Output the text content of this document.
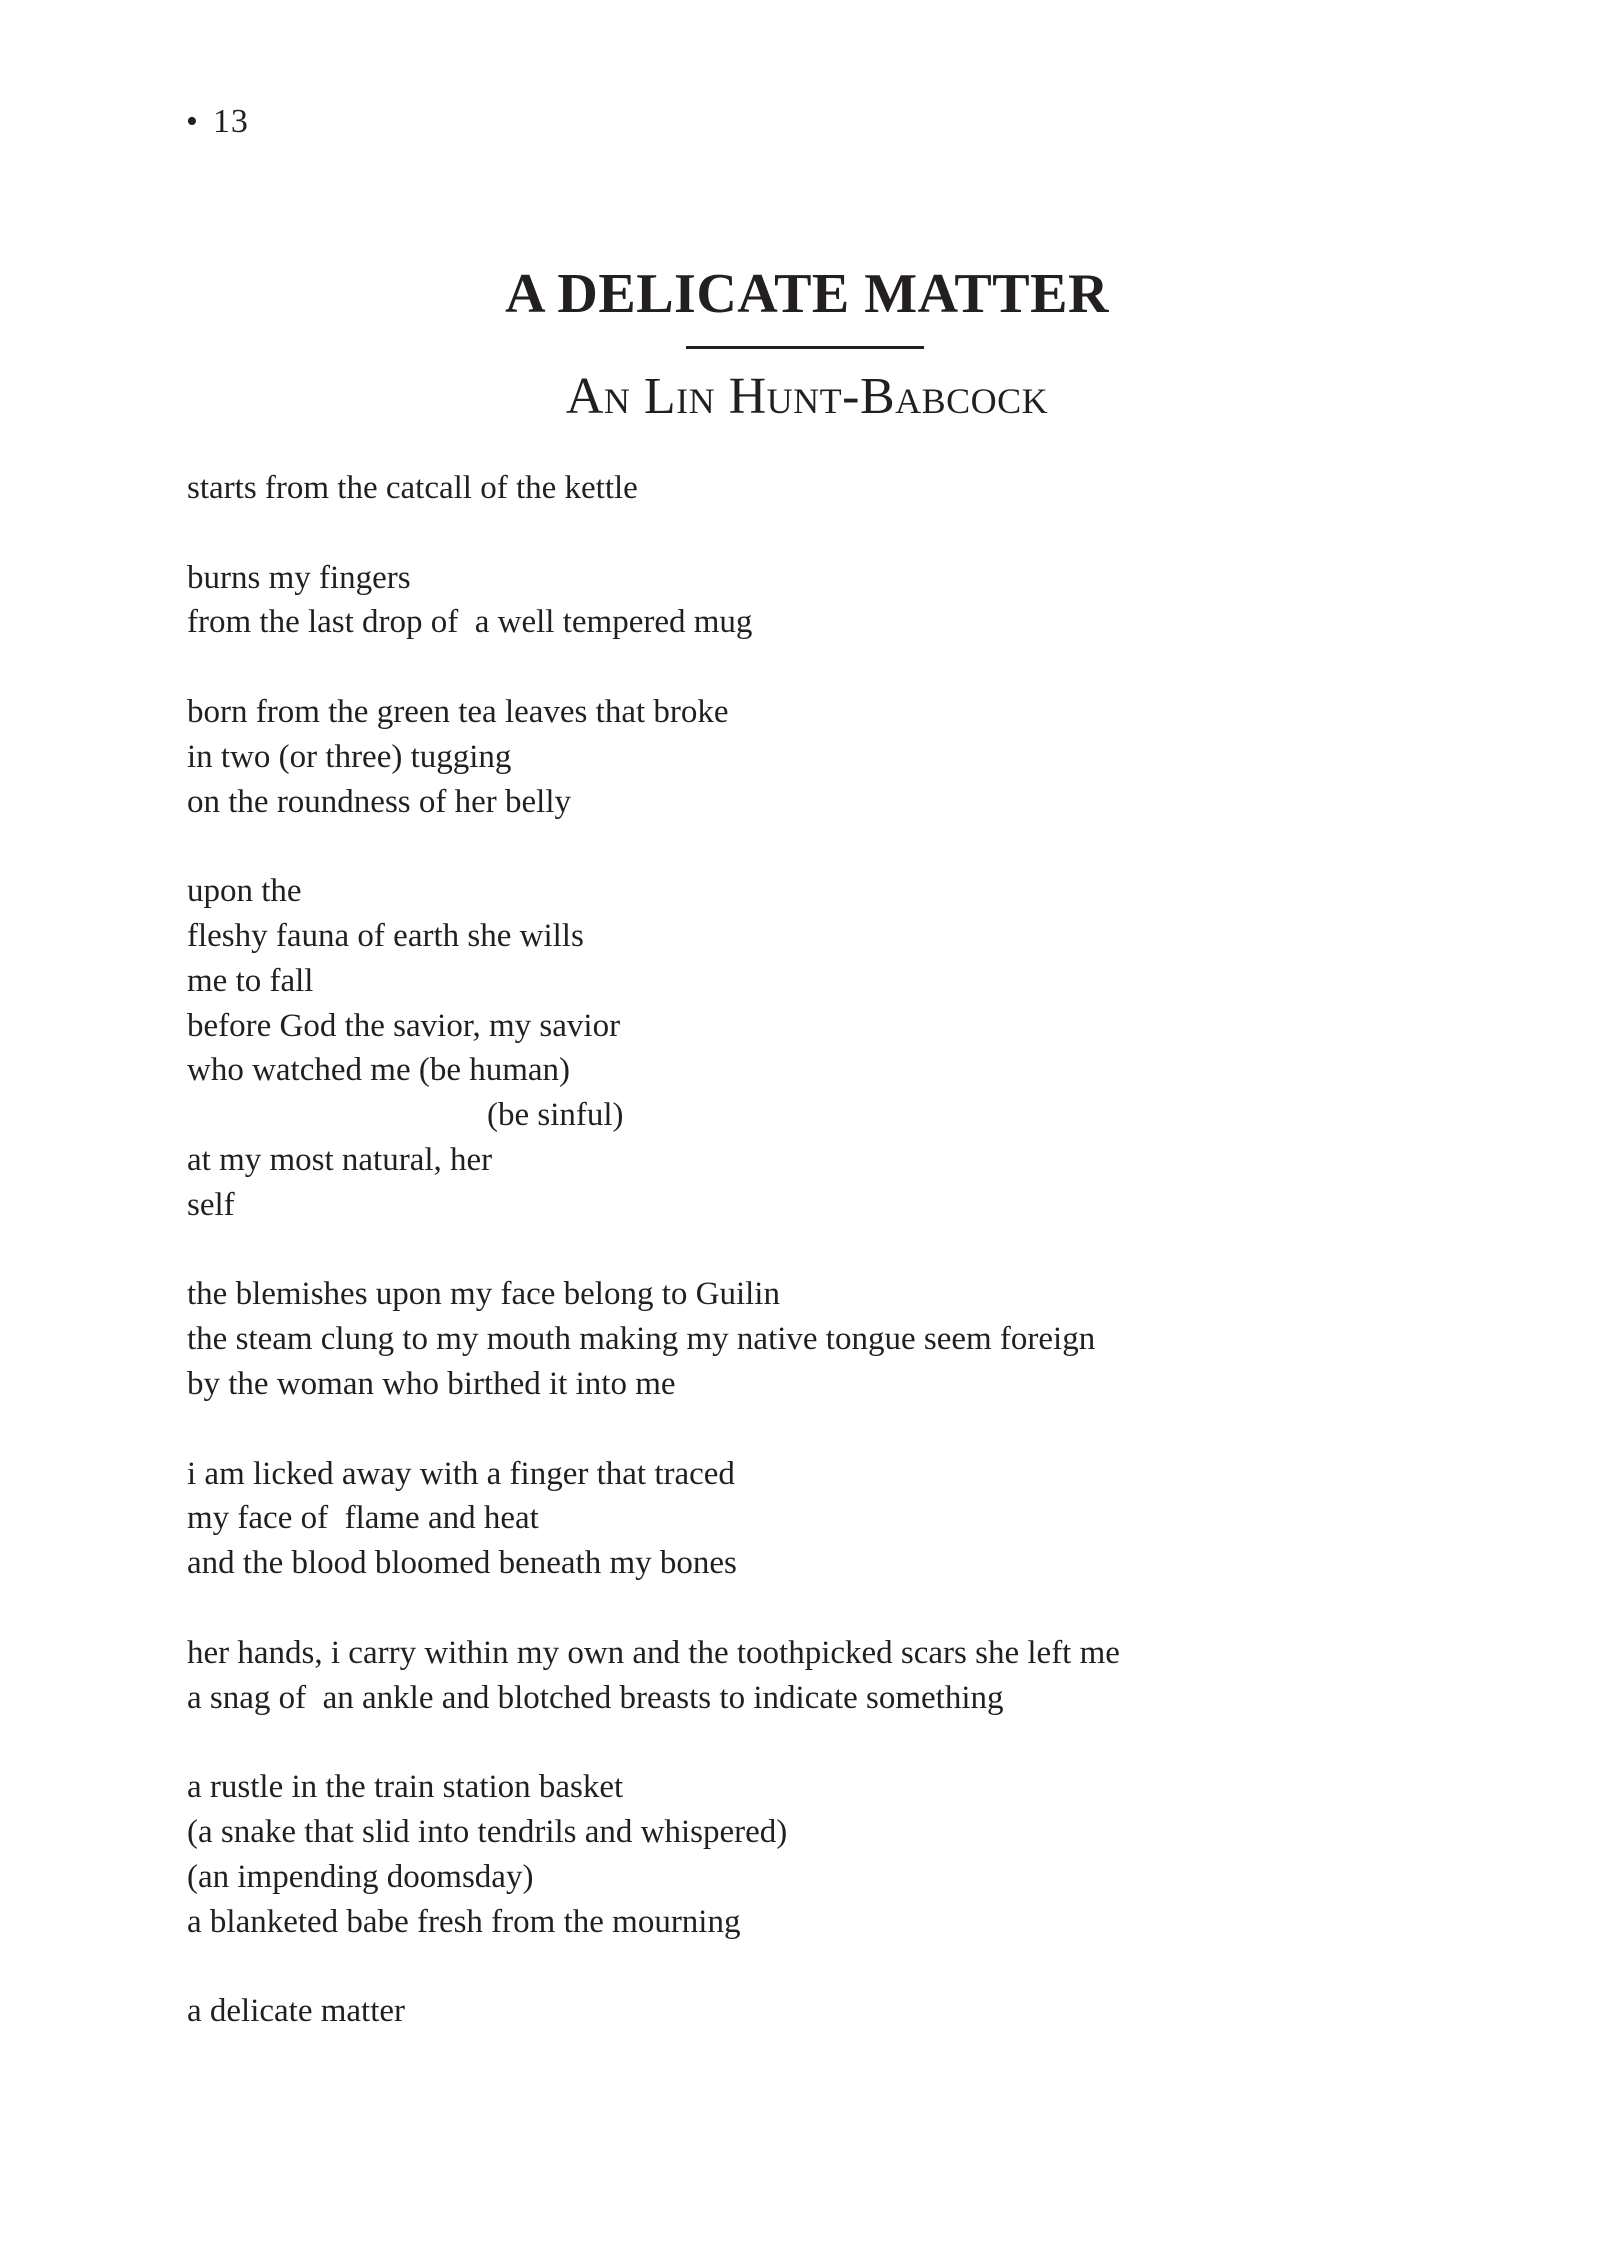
• 13
A DELICATE MATTER
An Lin Hunt-Babcock
starts from the catcall of the kettle
burns my fingers
from the last drop of  a well tempered mug
born from the green tea leaves that broke
in two (or three) tugging
on the roundness of her belly
upon the
fleshy fauna of earth she wills
me to fall
before God the savior, my savior
who watched me (be human)
(be sinful)
at my most natural, her
self
the blemishes upon my face belong to Guilin
the steam clung to my mouth making my native tongue seem foreign
by the woman who birthed it into me
i am licked away with a finger that traced
my face of  flame and heat
and the blood bloomed beneath my bones
her hands, i carry within my own and the toothpicked scars she left me
a snag of  an ankle and blotched breasts to indicate something
a rustle in the train station basket
(a snake that slid into tendrils and whispered)
(an impending doomsday)
a blanketed babe fresh from the mourning
a delicate matter
